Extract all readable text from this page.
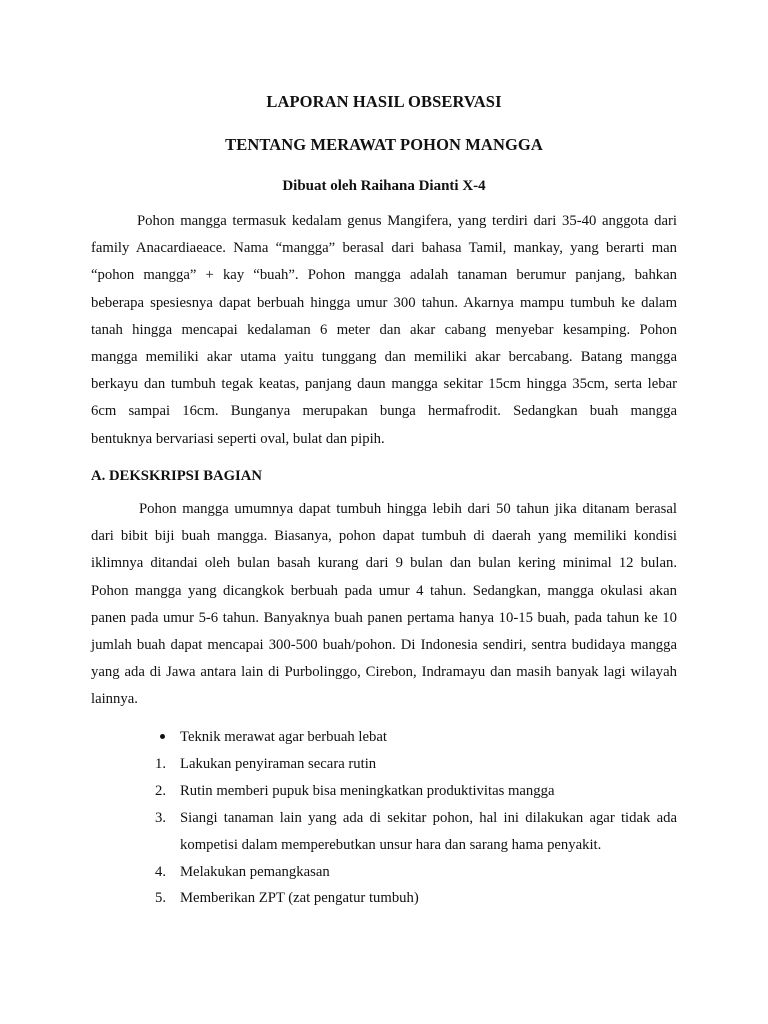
LAPORAN HASIL OBSERVASI
TENTANG MERAWAT POHON MANGGA
Dibuat oleh Raihana Dianti X-4
Pohon mangga termasuk kedalam genus Mangifera, yang terdiri dari 35-40 anggota dari
family Anacardiaeace. Nama “mangga” berasal dari bahasa Tamil, mankay, yang berarti man
“pohon mangga” + kay “buah”. Pohon mangga adalah tanaman berumur panjang, bahkan
beberapa spesiesnya dapat berbuah hingga umur 300 tahun. Akarnya mampu tumbuh ke dalam
tanah hingga mencapai kedalaman 6 meter dan akar cabang menyebar kesamping. Pohon
mangga memiliki akar utama yaitu tunggang dan memiliki akar bercabang. Batang mangga
berkayu dan tumbuh tegak keatas, panjang daun mangga sekitar 15cm hingga 35cm, serta lebar
6cm sampai 16cm. Bunganya merupakan bunga hermafrodit. Sedangkan buah mangga
bentuknya bervariasi seperti oval, bulat dan pipih.
A. DEKSKRIPSI BAGIAN
Pohon mangga umumnya dapat tumbuh hingga lebih dari 50 tahun jika ditanam berasal
dari bibit biji buah mangga. Biasanya, pohon dapat tumbuh di daerah yang memiliki kondisi
iklimnya ditandai oleh bulan basah kurang dari 9 bulan dan bulan kering minimal 12 bulan.
Pohon mangga yang dicangkok berbuah pada umur 4 tahun. Sedangkan, mangga okulasi akan
panen pada umur 5-6 tahun. Banyaknya buah panen pertama hanya 10-15 buah, pada tahun ke 10
jumlah buah dapat mencapai 300-500 buah/pohon. Di Indonesia sendiri, sentra budidaya mangga
yang ada di Jawa antara lain di Purbolinggo, Cirebon, Indramayu dan masih banyak lagi wilayah
lainnya.
Teknik merawat agar berbuah lebat
1. Lakukan penyiraman secara rutin
2. Rutin memberi pupuk bisa meningkatkan produktivitas mangga
3. Siangi tanaman lain yang ada di sekitar pohon, hal ini dilakukan agar tidak ada
kompetisi dalam memperebutkan unsur hara dan sarang hama penyakit.
4. Melakukan pemangkasan
5. Memberikan ZPT (zat pengatur tumbuh)
